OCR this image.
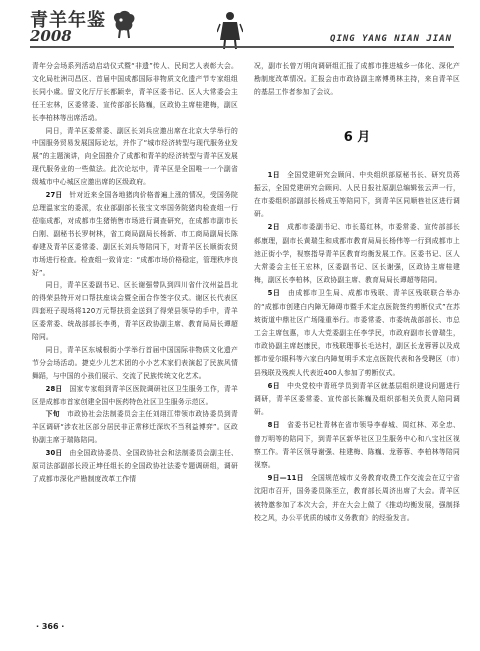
青羊年鉴
2008	QING YANG NIAN JIAN

青年分会场系列活动启动仪式暨“非遗”传人、民间艺人表彰大会。文化局杜洲司昌区、首届中国成都国际非物质文化遗产节专家组组长同小虞。留文化厅厅长都颖幸，青羊区委书记、区人大常委会主任王宏林，区委常委、宣传部部长陈巍，区政协主席桂建梅，副区长李柏林等出席活动。

同日，青羊区委常委、副区长刘兵应邀出席在北京大学举行的中国服务贸易发展国际论坛，并作了“城市经济转型与现代服务业发展”的主题演讲，向全国推介了成都和青羊的经济转型与青羊区发展现代服务业的一些做法。此次论坛中，青羊区是全国唯一一个副省级城市中心城区应邀出席的区级政府。

27日　 针对近来全国各地猪肉价格普遍上涨的情况，受国务院总理温家宝的委派，农业部副部长张宝文率国务院猪肉检查组一行莅临成都，对成都市生猪销售市场进行调查研究，在成都市副市长白刚、副秘书长罗树林，省工商局副局长杨新、市工商局副局长陈春建及青羊区委常委、副区长刘兵等陪同下，对青羊区长顺街农贸市场进行检查。检查组一致肯定：“成都市场价格稳定，管理秩序良好”。

同日，青羊区委副书记、区长谢强带队到四川省什汶州益昌北的得荣县特开对口帮扶座谈会暨全面合作签字仪式。谢区长代表区四套班子现场将120万元帮扶资金送到了得荣县领导的手中，青羊区委常委、统战部部长李勇，青羊区政协副主席、教育局局长谭超陪同。

同日，青羊区东城根街小学举行首届中国国际非物质文化遗产节分会场活动。捷克少儿艺术团的小小艺术家们表演起了民族风情舞蹈，与中国的小孩们展示、交流了民族传统文化艺术。

28日　 国家专家组到青羊区医院调研社区卫生服务工作，青羊区是成都市首家创建全国中医药特色社区卫生服务示范区。

下旬　 市政协社会法制委员会主任刘翊江带领市政协委员到青羊区调研“涉农社区部分居民非正常移迁深坎不当利益博弈”。区政协副主席于瑞陈陪同。

30日　 由全国政协委员、全国政协社会和法制委员会副主任、原司法部副部长段正坤任组长的全国政协社法委专题调研组，调研了成都市深化产勘制度改革工作情

况，副市长曾万明向调研组汇报了成都市推进城乡一体化、深化产勘制度改革情况。汇报会由市政协副主席傅勇林主持，来自青羊区的基层工作者参加了会议。

6 月

1日　 全国党建研究会顾问、中央组织部原秘书长、研究员蒋振云，全国党建研究会顾问、人民日报社原副总编辑张云声一行，在市委组织部副部长杨成玉等陪同下，到青羊区同顺巷社区进行调研。

2日　 成都市委副书记、市长葛红林，市委常委、宣传部部长郝康理，副市长黄瑞生和成都市教育局局长杨伟等一行到成都市上池正街小学，视察指导青羊区教育均衡发展工作。区委书记、区人大常委会主任王宏林，区委副书记、区长谢强，区政协主席桂建梅，副区长李柏林，区政协副主席、教育局局长谭超等陪同。

5日　 由成都市卫生局、成都市残联、青羊区残联联合举办的“成都市创建白内障无障碍市暨手术定点医院签约剪断仪式”在苏坡街道中鼎社区广场隆重举行。市委常委、市委统战部部长、市总工会主席包惠，市人大党委副主任李学民，市政府副市长曾瑞生，市政协副主席赵康民，市残联理事长毛达村，副区长龙蓉蓉以及成都市爱尔眼科等六家白内障复明手术定点医院代表和各受聘区（市）县残联及残疾人代表近400人参加了剪断仪式。

6日　 中央党校中青班学员到青羊区就基层组织建设问题进行调研，青羊区委常委、宣传部长陈巍及组织部相关负责人陪同调研。

8日　 省委书记杜青林在省市领导李春城、周红林、邓全忠、曾万明等的陪同下，到青羊区新华社区卫生服务中心和八宝社区视察工作。青羊区领导谢强、桂建梅、陈巍、龙蓉蓉、李柏林等陪同视察。

9日—11日　 全国规范城市义务教育收费工作交流会在辽宁省沈阳市召开，国务委员陈至立，教育部长周济出席了大会。青羊区被特邀参加了本次大会，并在大会上做了《推动均衡发展，强制择校之风，办公平优质的城市义务教育》的经验发言。

· 366 ·
